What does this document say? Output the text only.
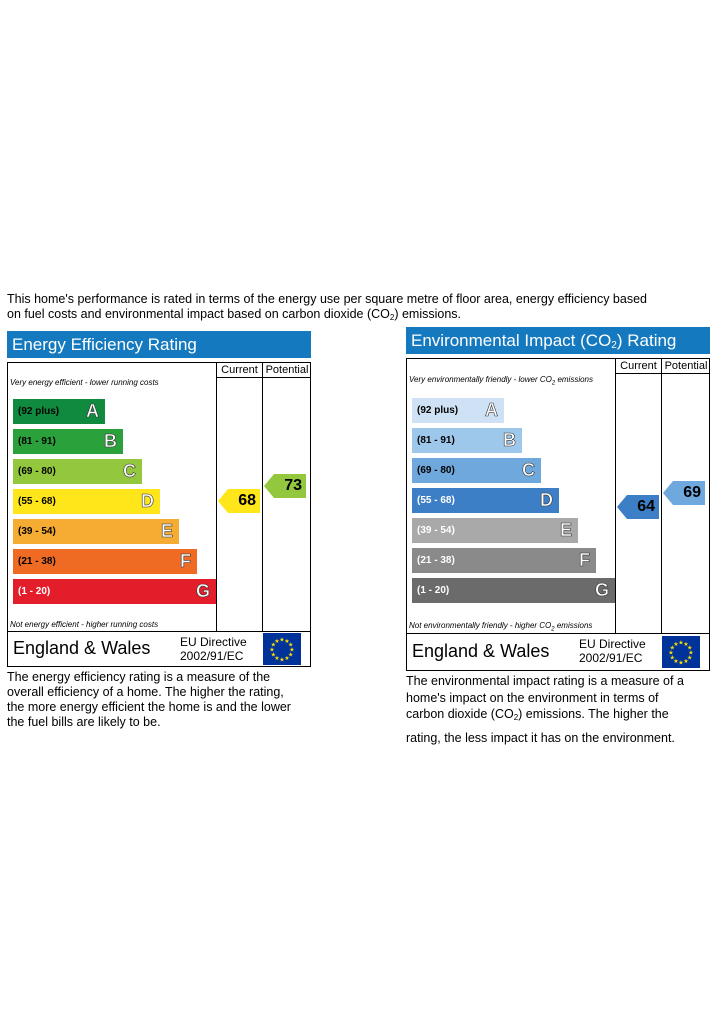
This home's performance is rated in terms of the energy use per square metre of floor area, energy efficiency based
on fuel costs and environmental impact based on carbon dioxide $(CO_2)$ emissions.
Energy Efficiency Rating
Current Potential
Very energy efficient - lower running costs
Not energy efficient - higher running costs
(92 plus) A
(81 - 91)	B
(69 - 80)	C
(55 - 68)	D
(39 - 54)	E
(21 - 38)	F
(1 - 20)	G
England & Wales EU Directive
2002/91/EC
★ ★
★
★
★
★
★
★
★
★
★
★
68
73
Environmental Impact $(CO_2)$ Rating
Current Potential
Very environmentally friendly - lower $CO_2$ emissions
Not environmentally friendly - higher $CO_2$ emissions
(92 plus) A
(81 - 91)	B
(69 - 80)	C
(55 - 68)	D
(39 - 54)	E
(21 - 38)	F
(1 - 20)	G
England & Wales EU Directive
2002/91/EC
★ ★
★
★
★
★
★
★
★
★
★
★
64
69
The energy efficiency rating is a measure of the
overall efficiency of a home. The higher the rating,
the more energy efficient the home is and the lower
the fuel bills are likely to be.
The environmental impact rating is a measure of a
home's impact on the environment in terms of
carbon dioxide $(CO_2)$ emissions. The higher the
rating, the less impact it has on the environment.
